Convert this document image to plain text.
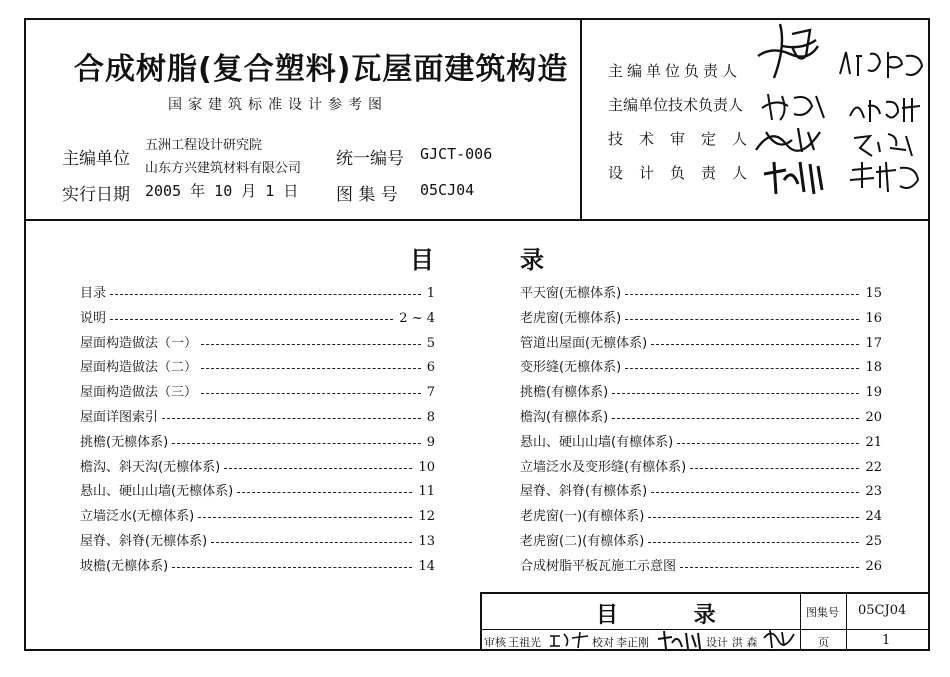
合成树脂(复合塑料)瓦屋面建筑构造
国家建筑标准设计参考图
主编单位
五洲工程设计研究院
山东方兴建筑材料有限公司 统一编号 GJCT-006
实行日期 2005 年 10 月 1 日 图 集 号 05CJ04
主编单位负责人
主编单位技术负责人
技术审定人
设计负责人
目	录
目录	1
说明	2 ~ 4
屋面构造做法（一）	5
屋面构造做法（二）	6
屋面构造做法（三）	7
屋面详图索引	8
挑檐(无檩体系)	9
檐沟、斜天沟(无檩体系)	10
悬山、硬山山墙(无檩体系)	11
立墙泛水(无檩体系)	12
屋脊、斜脊(无檩体系)	13
坡檐(无檩体系)	14
平天窗(无檩体系)	15
老虎窗(无檩体系)	16
管道出屋面(无檩体系)	17
变形缝(无檩体系)	18
挑檐(有檩体系)	19
檐沟(有檩体系)	20
悬山、硬山山墙(有檩体系)	21
立墙泛水及变形缝(有檩体系)	22
屋脊、斜脊(有檩体系)	23
老虎窗(一)(有檩体系)	24
老虎窗(二)(有檩体系)	25
合成树脂平板瓦施工示意图	26
目 录	图集号 05CJ04
页	1
审核 王祖光	校对 李正刚	设计 洪 森
